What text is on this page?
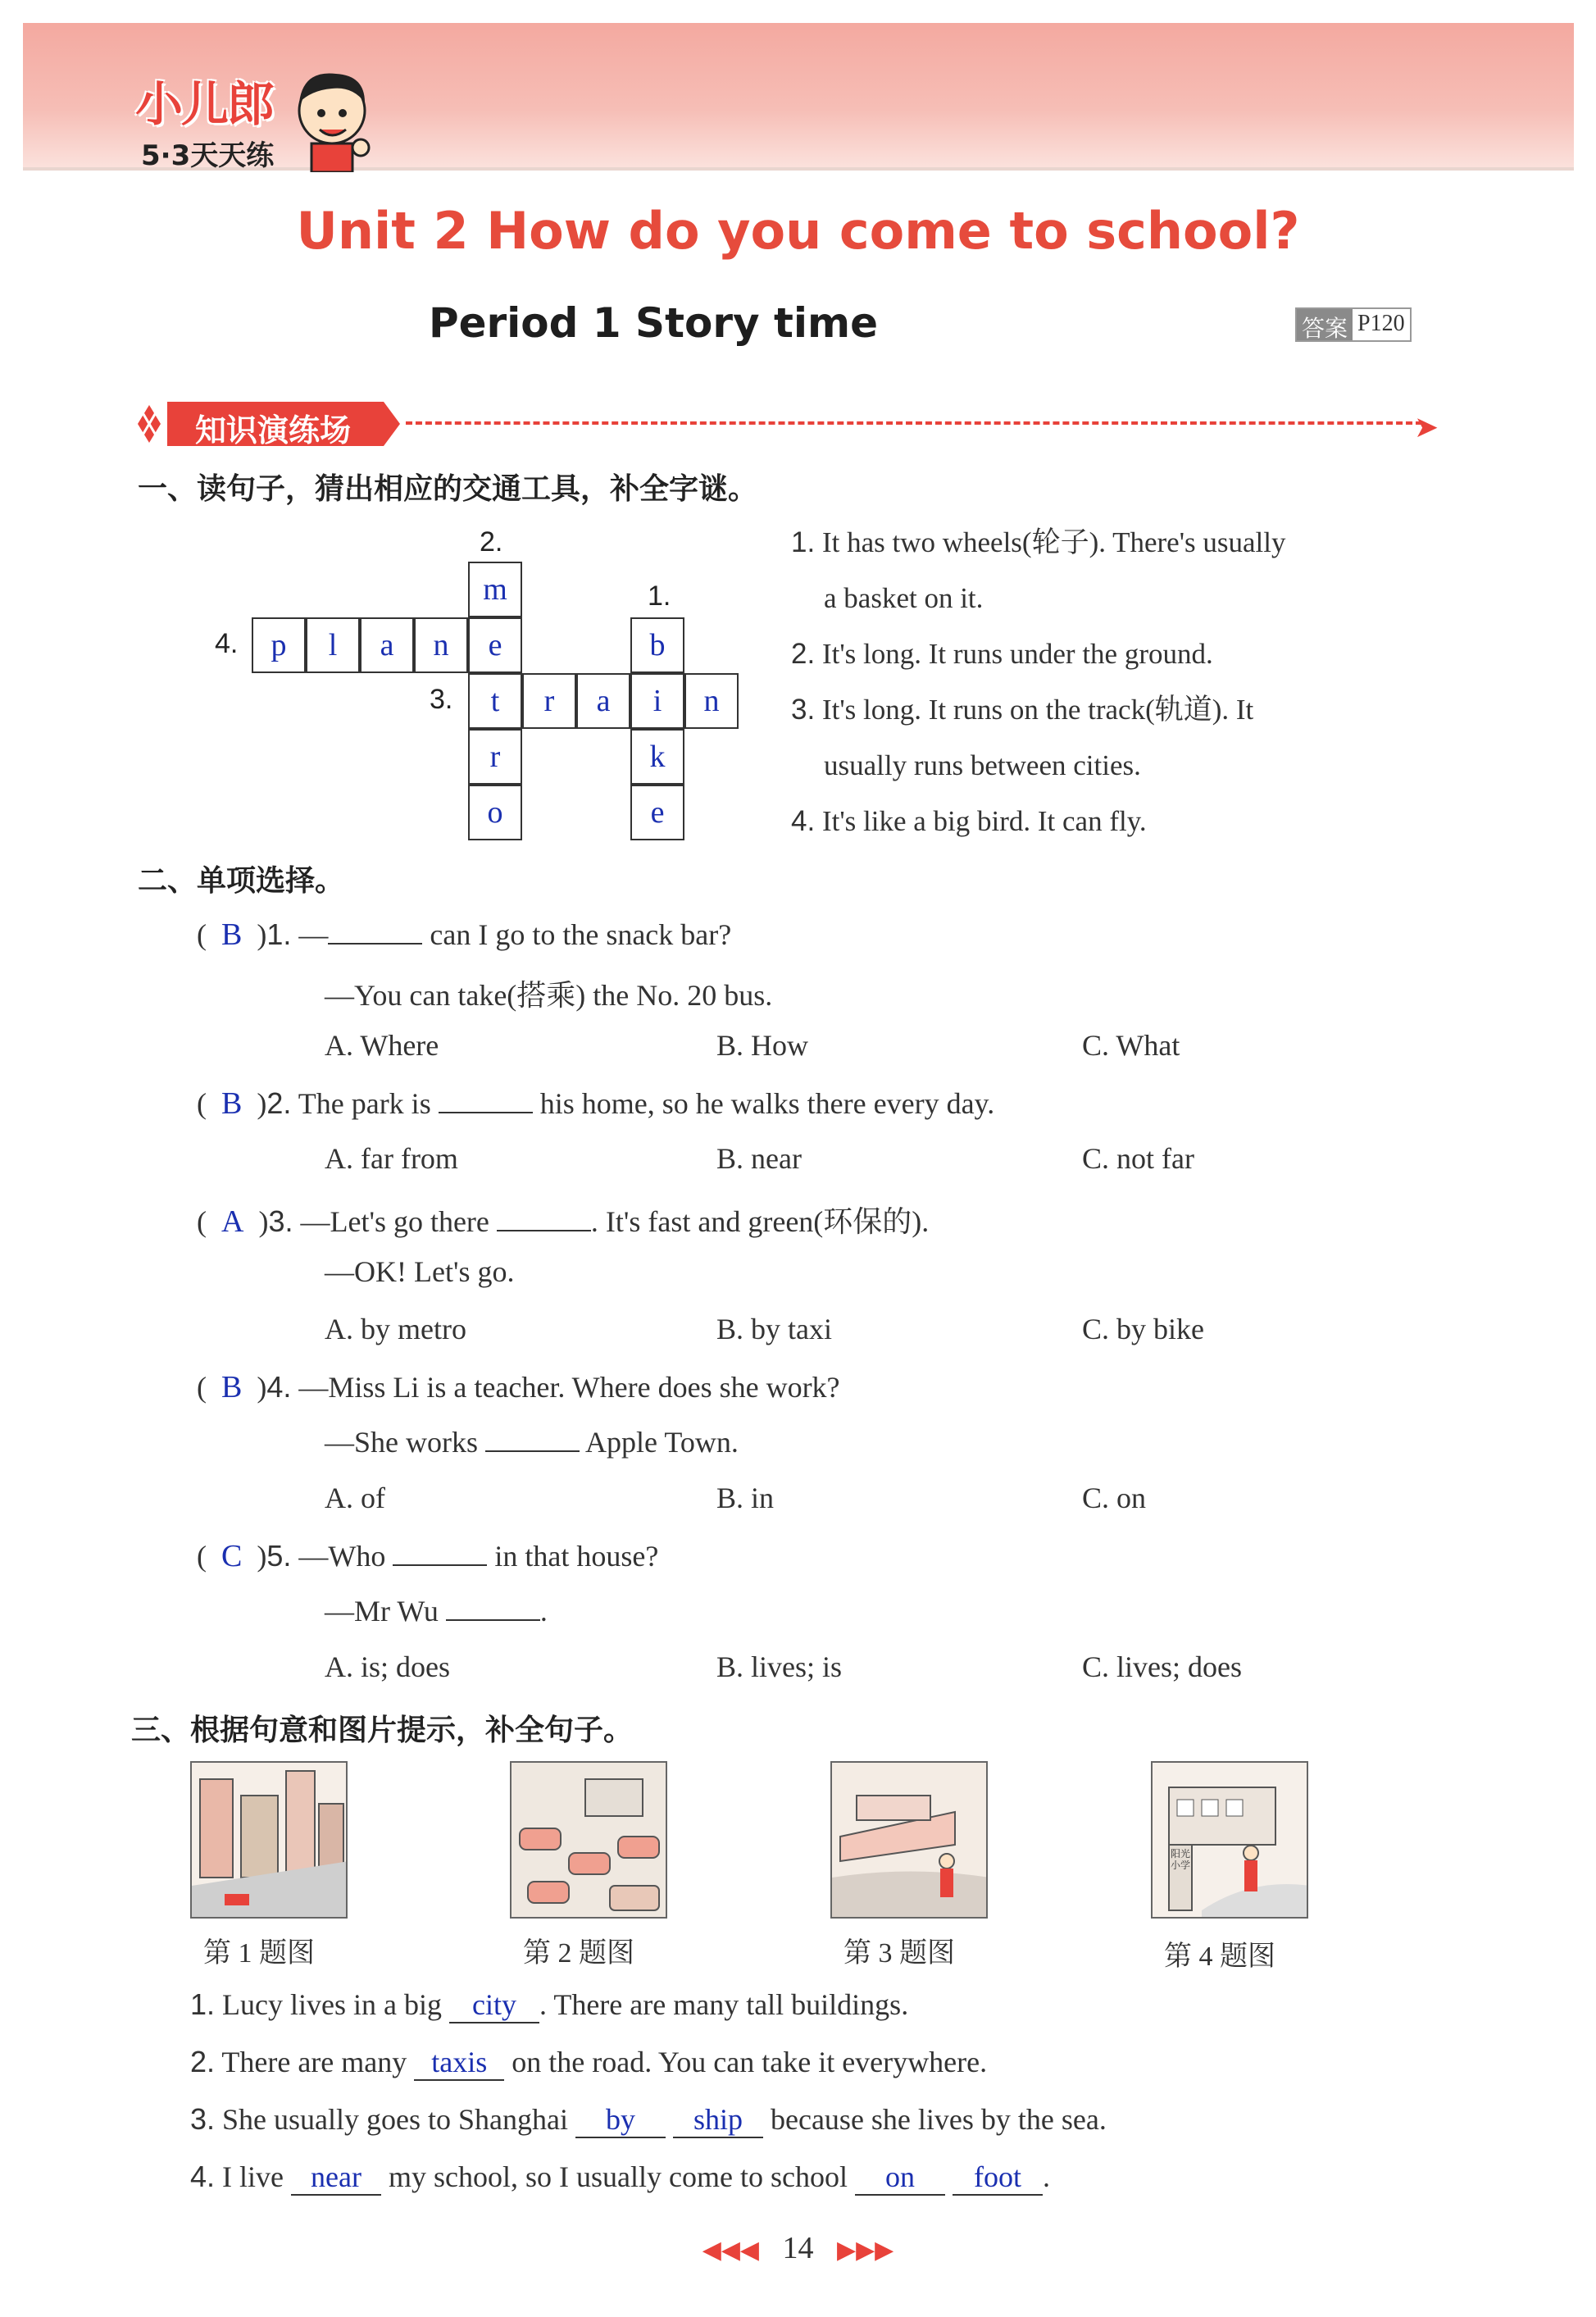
小儿郎
5·3天天练
Unit 2 How do you come to school?
Period 1 Story time	答案 P120
知识演练场	➤
一、读句子，猜出相应的交通工具，补全字谜。
2.
1.
4.
3.
m
p	l	a	n	e	b
t	r	a	i	n
r	k
o	e
1. It has two wheels(轮子). There's usually
a basket on it.
2. It's long. It runs under the ground.
3. It's long. It runs on the track(轨道). It
usually runs between cities.
4. It's like a big bird. It can fly.
二、单项选择。
(  B  )1. —	can I go to the snack bar?
—You can take(搭乘) the No. 20 bus.
A. Where	B. How	C. What
(  B  )2. The park is	his home, so he walks there every day.
A. far from	B. near	C. not far
(  A  )3. —Let's go there	. It's fast and green(环保的).
—OK! Let's go.
A. by metro	B. by taxi	C. by bike
(  B  )4. —Miss Li is a teacher. Where does she work?
—She works	Apple Town.
A. of	B. in	C. on
(  C  )5. —Who	in that house?
—Mr Wu	.
A. is; does	B. lives; is	C. lives; does
三、根据句意和图片提示，补全句子。
第 1 题图	第 2 题图	第 3 题图
阳光小学
第 4 题图
1. Lucy lives in a big city . There are many tall buildings.
2. There are many taxis on the road. You can take it everywhere.
3. She usually goes to Shanghai by ship because she lives by the sea.
4. I live near my school, so I usually come to school on foot .
◀◀◀ 14 ▶▶▶
